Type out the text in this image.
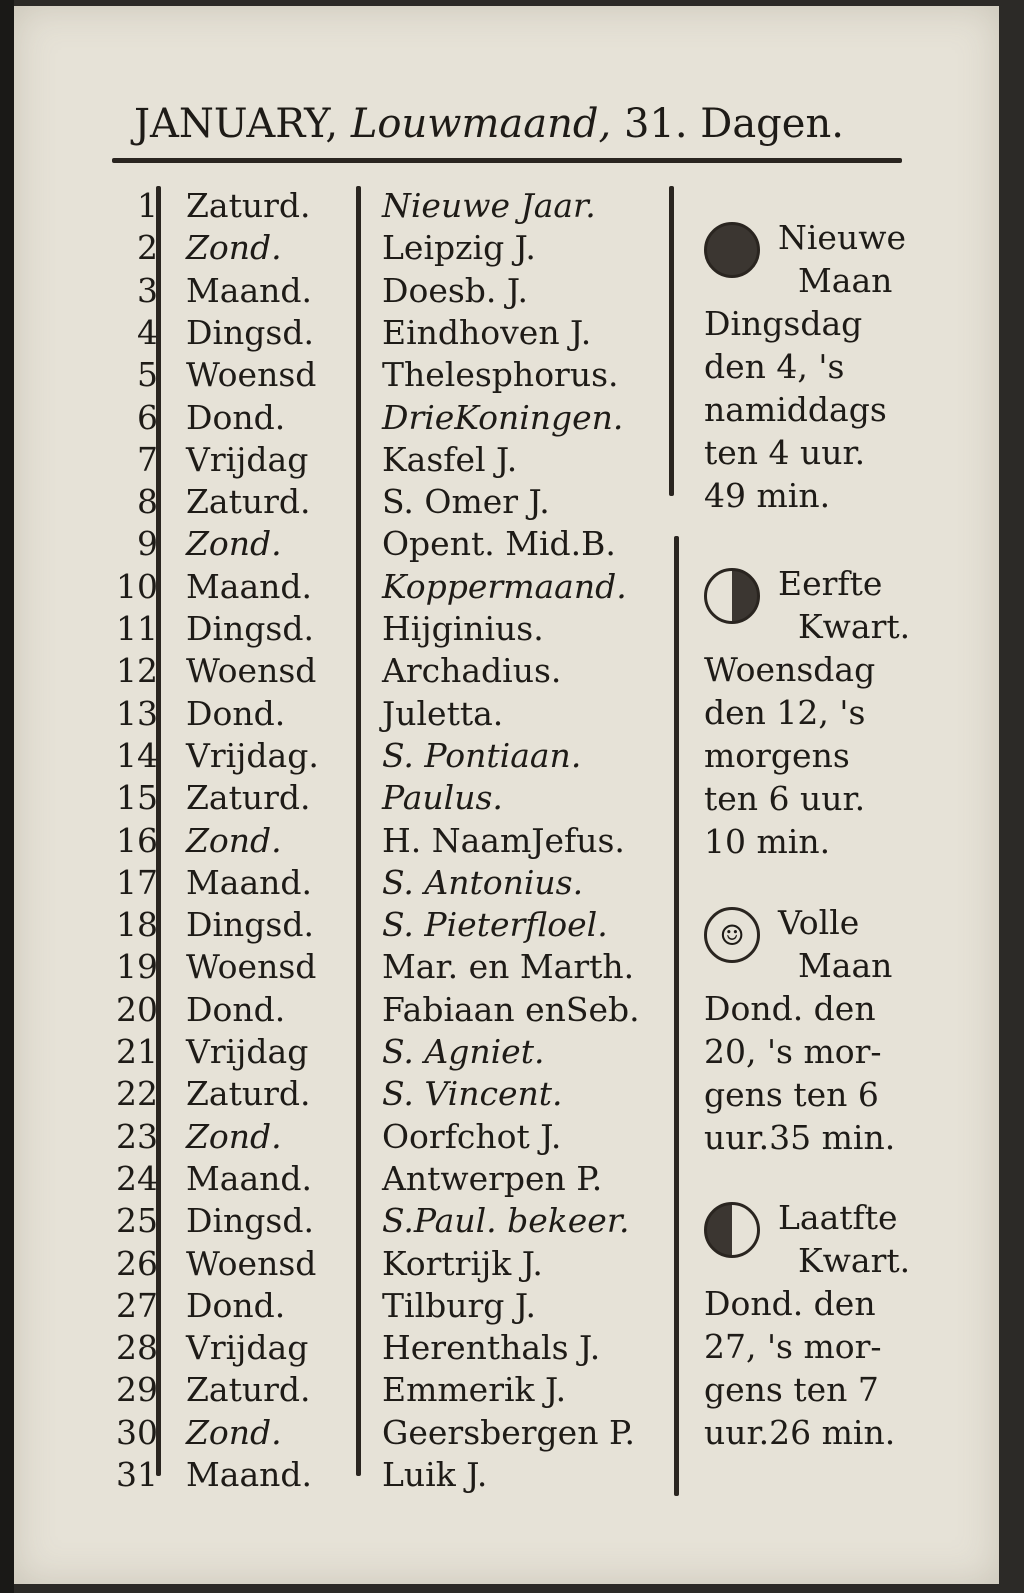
JANUARY, Louwmaand, 31. Dagen.
1 Zaturd.	Nieuwe Jaar.
2 Zond.	Leipzig J.
3 Maand.	Doesb. J.
4 Dingsd.	Eindhoven J.
5 Woensd	Thelesphorus.
6 Dond.	DrieKoningen.
7 Vrijdag	Kasfel J.
8 Zaturd.	S. Omer J.
9 Zond.	Opent. Mid.B.
10 Maand.	Koppermaand.
11 Dingsd.	Hijginius.
12 Woensd	Archadius.
13 Dond.	Juletta.
14 Vrijdag.	S. Pontiaan.
15 Zaturd.	Paulus.
16 Zond.	H. NaamJefus.
17 Maand.	S. Antonius.
18 Dingsd.	S. Pieterfloel.
19 Woensd	Mar. en Marth.
20 Dond.	Fabiaan enSeb.
21 Vrijdag	S. Agniet.
22 Zaturd.	S. Vincent.
23 Zond.	Oorfchot J.
24 Maand.	Antwerpen P.
25 Dingsd.	S.Paul. bekeer.
26 Woensd	Kortrijk J.
27 Dond.	Tilburg J.
28 Vrijdag	Herenthals J.
29 Zaturd.	Emmerik J.
30 Zond.	Geersbergen P.
31 Maand.	Luik J.
Nieuwe
Maan
Dingsdag
den 4, 's
namiddags
ten 4 uur.
49 min.
Eerfte
Kwart.
Woensdag
den 12, 's
morgens
ten 6 uur.
10 min.
☺	Volle
Maan
Dond. den
20, 's mor-
gens ten 6
uur.35 min.
Laatfte
Kwart.
Dond. den
27, 's mor-
gens ten 7
uur.26 min.
